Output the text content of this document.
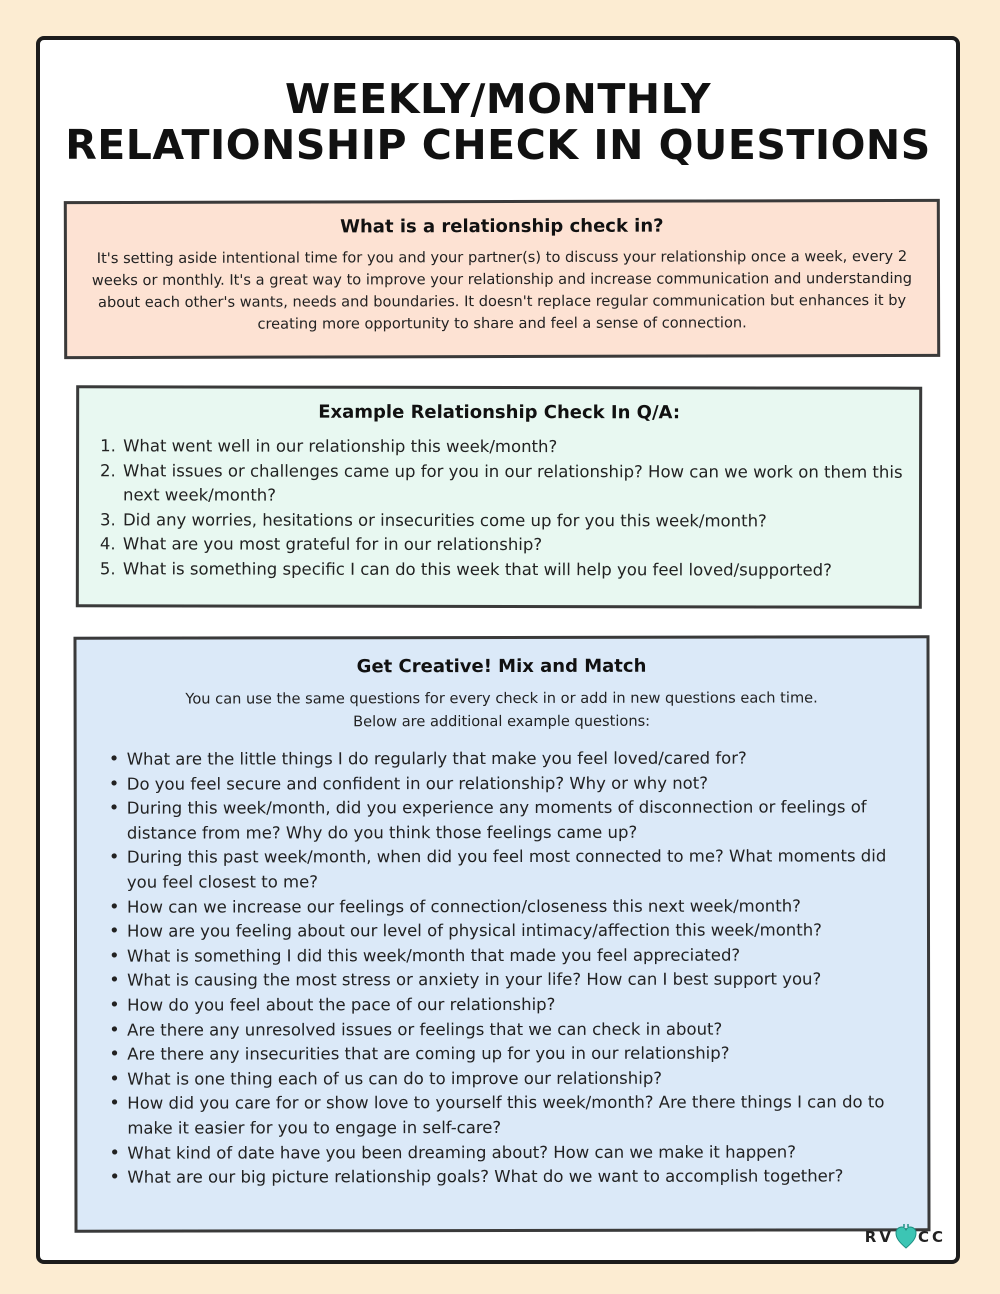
WEEKLY/MONTHLY
RELATIONSHIP CHECK IN QUESTIONS
What is a relationship check in?
It's setting aside intentional time for you and your partner(s) to discuss your relationship once a week, every 2 weeks or monthly. It's a great way to improve your relationship and increase communication and understanding about each other's wants, needs and boundaries. It doesn't replace regular communication but enhances it by creating more opportunity to share and feel a sense of connection.
Example Relationship Check In Q/A:
1. What went well in our relationship this week/month?
2. What issues or challenges came up for you in our relationship? How can we work on them this next week/month?
3. Did any worries, hesitations or insecurities come up for you this week/month?
4. What are you most grateful for in our relationship?
5. What is something specific I can do this week that will help you feel loved/supported?
Get Creative! Mix and Match
You can use the same questions for every check in or add in new questions each time.
Below are additional example questions:
• What are the little things I do regularly that make you feel loved/cared for?
• Do you feel secure and confident in our relationship? Why or why not?
• During this week/month, did you experience any moments of disconnection or feelings of distance from me? Why do you think those feelings came up?
• During this past week/month, when did you feel most connected to me? What moments did you feel closest to me?
• How can we increase our feelings of connection/closeness this next week/month?
• How are you feeling about our level of physical intimacy/affection this week/month?
• What is something I did this week/month that made you feel appreciated?
• What is causing the most stress or anxiety in your life? How can I best support you?
• How do you feel about the pace of our relationship?
• Are there any unresolved issues or feelings that we can check in about?
• Are there any insecurities that are coming up for you in our relationship?
• What is one thing each of us can do to improve our relationship?
• How did you care for or show love to yourself this week/month? Are there things I can do to make it easier for you to engage in self-care?
• What kind of date have you been dreaming about? How can we make it happen?
• What are our big picture relationship goals? What do we want to accomplish together?
RV CC
